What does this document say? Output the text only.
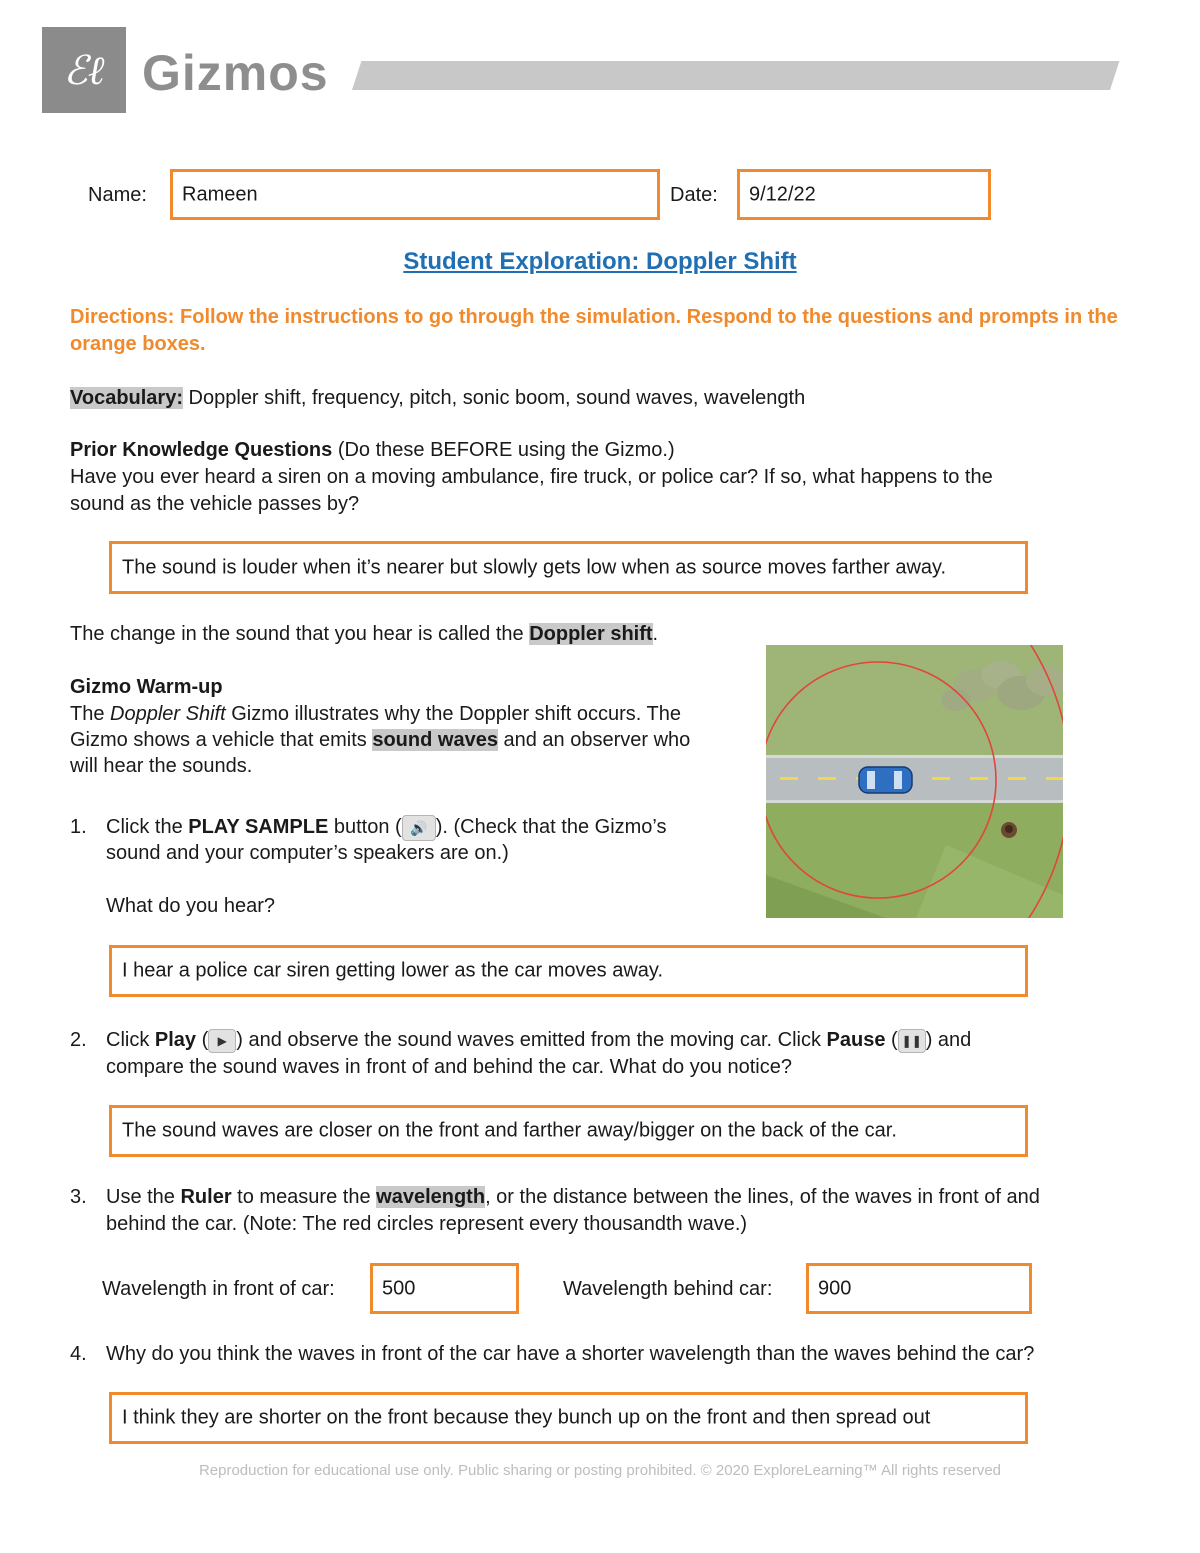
ℰℓ Gizmos
Name: Rameen	Date: 9/12/22
Student Exploration: Doppler Shift
Directions: Follow the instructions to go through the simulation. Respond to the questions and prompts in the orange boxes.
Vocabulary: Doppler shift, frequency, pitch, sonic boom, sound waves, wavelength
Prior Knowledge Questions (Do these BEFORE using the Gizmo.)
Have you ever heard a siren on a moving ambulance, fire truck, or police car? If so, what happens to the
sound as the vehicle passes by?
The sound is louder when it’s nearer but slowly gets low when as source moves farther away.
The change in the sound that you hear is called the Doppler shift.
Gizmo Warm-up
The Doppler Shift Gizmo illustrates why the Doppler shift occurs. The
Gizmo shows a vehicle that emits sound waves and an observer who
will hear the sounds.
1. Click the PLAY SAMPLE button ( 🔊 ). (Check that the Gizmo’s
sound and your computer’s speakers are on.)
What do you hear?
I hear a police car siren getting lower as the car moves away.
2. Click Play ( ▶ ) and observe the sound waves emitted from the moving car. Click Pause ( ❚❚ ) and
compare the sound waves in front of and behind the car. What do you notice?
The sound waves are closer on the front and farther away/bigger on the back of the car.
3. Use the Ruler to measure the wavelength, or the distance between the lines, of the waves in front of and
behind the car. (Note: The red circles represent every thousandth wave.)
Wavelength in front of car: 500	Wavelength behind car: 900
4. Why do you think the waves in front of the car have a shorter wavelength than the waves behind the car?
I think they are shorter on the front because they bunch up on the front and then spread out
Reproduction for educational use only. Public sharing or posting prohibited. © 2020 ExploreLearning™ All rights reserved
